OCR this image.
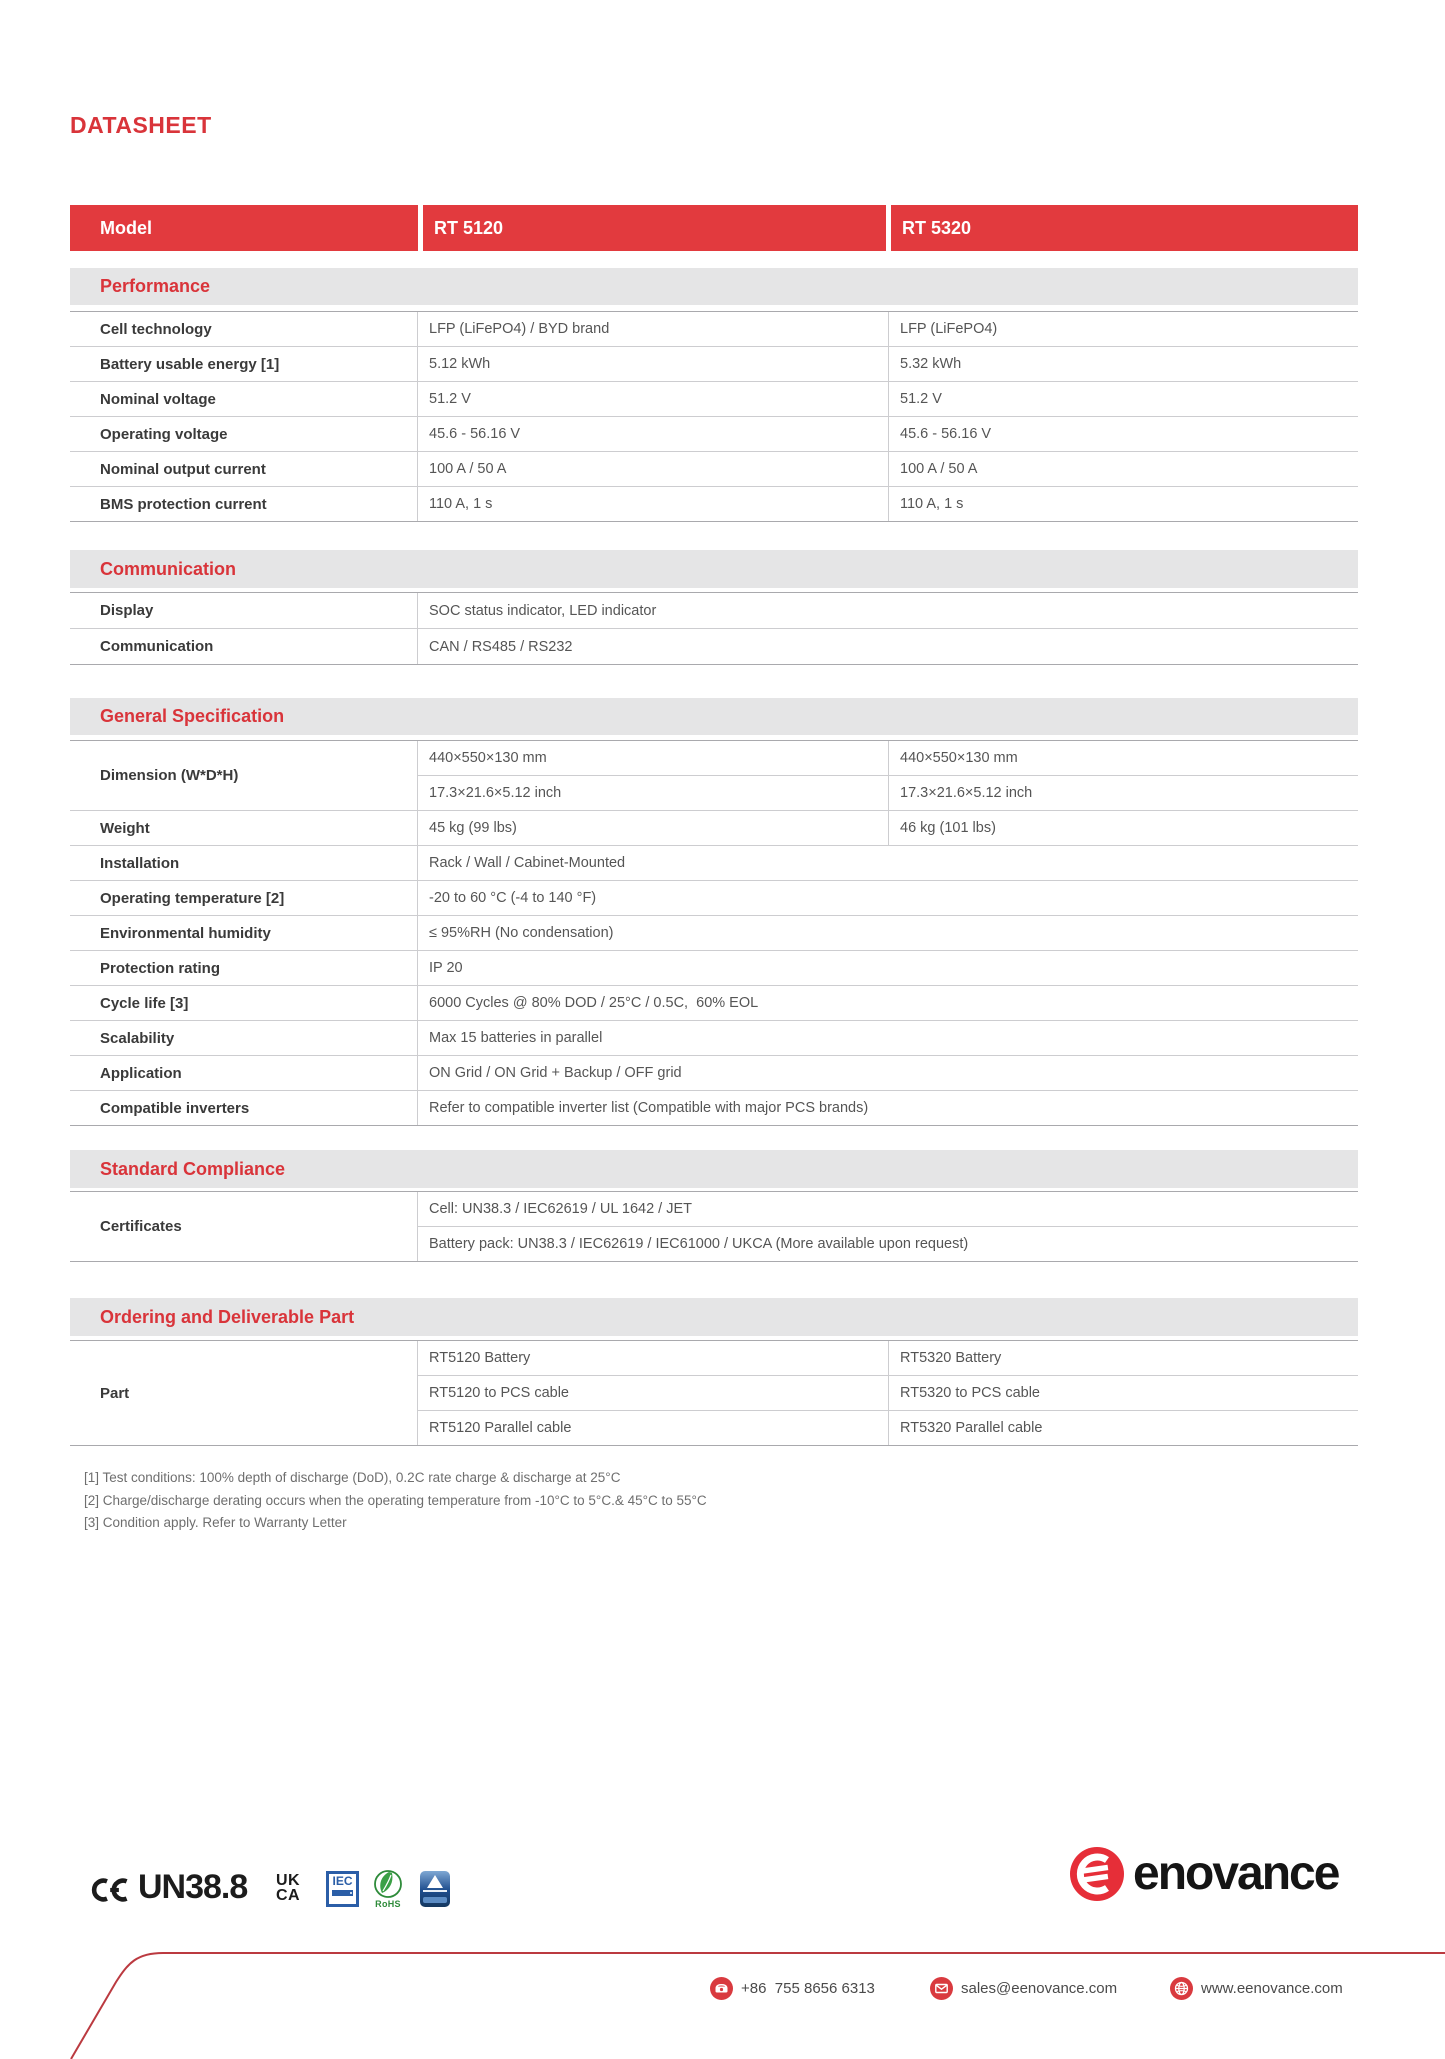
DATASHEET
Model	RT 5120	RT 5320
Performance
Cell technology	LFP (LiFePO4) / BYD brand	LFP (LiFePO4)
Battery usable energy [1]	5.12 kWh	5.32 kWh
Nominal voltage	51.2 V	51.2 V
Operating voltage	45.6 - 56.16 V	45.6 - 56.16 V
Nominal output current	100 A / 50 A	100 A / 50 A
BMS protection current	110 A, 1 s	110 A, 1 s
Communication
Display	SOC status indicator, LED indicator
Communication	CAN / RS485 / RS232
General Specification
Dimension (W*D*H)
440×550×130 mm	440×550×130 mm
17.3×21.6×5.12 inch	17.3×21.6×5.12 inch
Weight	45 kg (99 lbs)	46 kg (101 lbs)
Installation	Rack / Wall / Cabinet-Mounted
Operating temperature [2]	-20 to 60 °C (-4 to 140 °F)
Environmental humidity	≤ 95%RH (No condensation)
Protection rating	IP 20
Cycle life [3]	6000 Cycles @ 80% DOD / 25°C / 0.5C,  60% EOL
Scalability	Max 15 batteries in parallel
Application	ON Grid / ON Grid + Backup / OFF grid
Compatible inverters	Refer to compatible inverter list (Compatible with major PCS brands)
Standard Compliance
Certificates
Cell: UN38.3 / IEC62619 / UL 1642 / JET
Battery pack: UN38.3 / IEC62619 / IEC61000 / UKCA (More available upon request)
Ordering and Deliverable Part
Part
RT5120 Battery	RT5320 Battery
RT5120 to PCS cable	RT5320 to PCS cable
RT5120 Parallel cable	RT5320 Parallel cable
[1] Test conditions: 100% depth of discharge (DoD), 0.2C rate charge & discharge at 25°C
[2] Charge/discharge derating occurs when the operating temperature from -10°C to 5°C.& 45°C to 55°C
[3] Condition apply. Refer to Warranty Letter
UN38.8 UK
CA
IEC
RoHS
enovance
+86  755 8656 6313	sales@eenovance.com	www.eenovance.com
